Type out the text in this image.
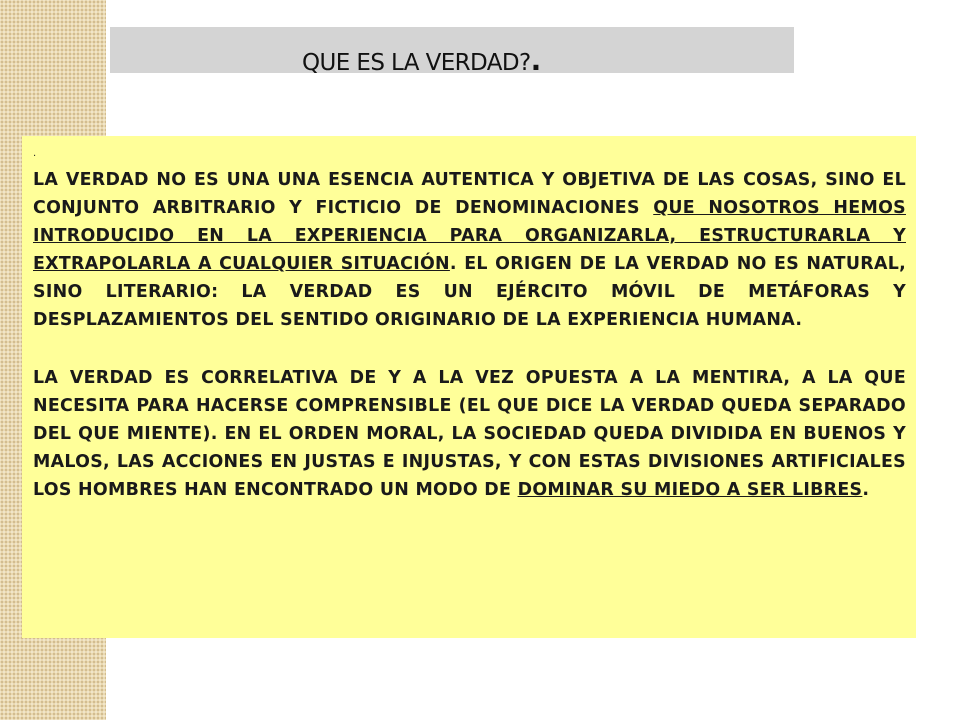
QUE ES LA VERDAD?.
·

LA VERDAD NO ES UNA UNA ESENCIA AUTENTICA Y OBJETIVA DE LAS COSAS, SINO EL CONJUNTO ARBITRARIO Y FICTICIO DE DENOMINACIONES QUE NOSOTROS HEMOS INTRODUCIDO EN LA EXPERIENCIA PARA ORGANIZARLA, ESTRUCTURARLA Y EXTRAPOLARLA A CUALQUIER SITUACIÓN. EL ORIGEN DE LA VERDAD NO ES NATURAL, SINO LITERARIO: LA VERDAD ES UN EJÉRCITO MÓVIL DE METÁFORAS Y DESPLAZAMIENTOS DEL SENTIDO ORIGINARIO DE LA EXPERIENCIA HUMANA.

LA VERDAD ES CORRELATIVA DE Y A LA VEZ OPUESTA A LA MENTIRA, A LA QUE NECESITA PARA HACERSE COMPRENSIBLE (EL QUE DICE LA VERDAD QUEDA SEPARADO DEL QUE MIENTE). EN EL ORDEN MORAL, LA SOCIEDAD QUEDA DIVIDIDA EN BUENOS Y MALOS, LAS ACCIONES EN JUSTAS E INJUSTAS, Y CON ESTAS DIVISIONES ARTIFICIALES LOS HOMBRES HAN ENCONTRADO UN MODO DE DOMINAR SU MIEDO A SER LIBRES.
